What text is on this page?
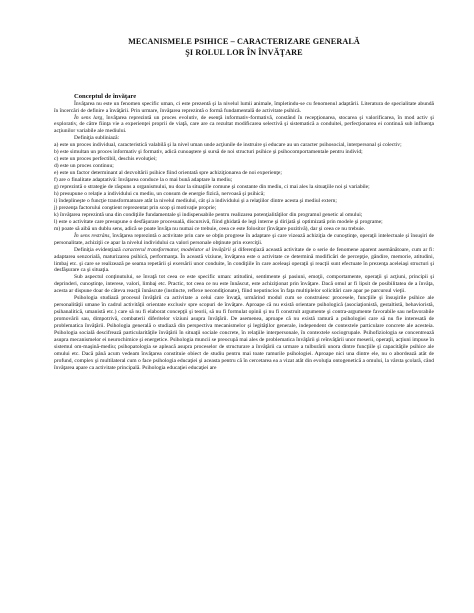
MECANISMELE PSIHICE – CARACTERIZARE GENERALĂ
ŞI ROLUL LOR ÎN ÎNVĂŢARE
Conceptul de învăţare

Învăţarea nu este un fenomen specific uman, ci este prezentă şi la nivelul lumii animale, împletindu-se cu fenomenul adaptării. Literatura de specialitate abundă în încercări de definire a învăţării. Prin urmare, învăţarea reprezintă o formă fundamentală de activitate psihică.

În sens larg, învăţarea reprezintă un proces evolutiv, de esenţă informativ-formativă, constând în recepţionarea, stocarea şi valorificarea, în mod activ şi explorativ, de către fiinţa vie a experienţei proprii de viaţă, care are ca rezultat modificarea selectivă şi sistematică a conduitei, perfecţionarea ei continuă sub influenţa acţiunilor variabile ale mediului.

Definiţia subliniază:

a) este un proces individual, caracteristică valabilă şi la nivel uman unde acţiunile de instruire şi educare au un caracter psihosocial, interpersonal şi colectiv;

b) este simultan un proces informativ şi formativ, adică cunoaştere şi sursă de noi structuri psihice şi psihocomportamentale pentru individ;

c) este un proces perfectibil, deschis evoluţiei;

d) este un proces continuu;

e) este un factor determinant al dezvoltării psihice fiind orientată spre achiziţionarea de noi experienţe;

f) are o finalitate adaptativă: învăţarea conduce la o mai bună adaptare la mediu;

g) reprezintă o strategie de răspuns a organismului, nu doar la situaţiile comune şi constante din mediu, ci mai ales la situaţiile noi şi variabile;

h) presupune o relaţie a individului cu mediu, un consum de energie fizică, nervoasă şi psihică;

i) îndeplineşte o funcţie transformatoare atât la nivelul mediului, cât şi a individului şi a relaţiilor dintre acesta şi mediul extern;

j) prezenţa factorului conştient reprezentat prin scop şi motivaţie proprie;

k) învăţarea reprezintă una din condiţiile fundamentale şi indispensabile pentru realizarea potenţialităţilor din programul genetic al omului;

l) este o activitate care presupune o desfăşurare procesuală, discursivă, fiind ghidată de legi interne şi dirijată şi optimizată prin modele şi programe;

m) poate să aibă un dublu sens, adică se poate învăţa nu numai ce trebuie, ceea ce este folositor (învăţare pozitivă), dar şi ceea ce nu trebuie.

În sens restrâns, învăţarea reprezintă o activitate prin care se obţin progrese în adaptare şi care vizează achiziţia de cunoştinţe, operaţii intelectuale şi însuşiri de personalitate, achiziţii ce apar la nivelul individului ca valori personale obţinute prin exerciţii.

Definiţia evidenţiază caracterul transformator, modelator al învăţării şi diferenţiază această activitate de o serie de fenomene aparent asemănătoare, cum ar fi: adaptarea senzorială, maturizarea psihică, performanţa. În această viziune, învăţarea este o activitate ce determină modificări de percepţie, gândire, memorie, atitudini, limbaj etc. şi care se realizează pe seama repetării şi exersării unor conduite, în condiţiile în care aceleaşi operaţii şi reacţii sunt efectuate în prezenţa aceleiaşi structuri şi desfăşurare ca şi situaţia.

Sub aspectul conţinutului, se învaţă tot ceea ce este specific uman: atitudini, sentimente şi pasiuni, emoţii, comportamente, operaţii şi acţiuni, principii şi deprinderi, cunoştinţe, interese, valori, limbaj etc. Practic, tot ceea ce nu este înnăscut, este achiziţionat prin învăţare. Dacă omul ar fi lipsit de posibilitatea de a învăţa, acesta ar dispune doar de câteva reacţii înnăscute (instincte, reflexe necondiţionate), fiind neputincios în faţa multiplelor solicitări care apar pe parcursul vieţii.

Psihologia studiază procesul învăţării ca activitate a celui care învaţă, urmărind modul cum se construiesc procesele, funcţiile şi însuşirile psihice ale personalităţii umane în cadrul activităţii orientate exclusiv spre scopuri de învăţare. Aproape că nu există orientare psihologică (asociaţionistă, gestaltistă, behavioristă, psihanalitică, umanistă etc.) care să nu fi elaborat concepţii şi teorii, să nu fi formulat opinii şi nu fi construit argumente şi contra-argumente favorabile sau nefavorabile promovării sau, dimpotrivă, combaterii diferitelor viziuni asupra învăţării. De asemenea, aproape că nu există ramură a psihologiei care să nu fie interesată de problematica învăţării. Psihologia generală o studiază din perspectiva mecanismelor şi legităţilor generale, independent de contextele particulare concrete ale acesteia. Psihologia socială descifrează particularităţile învăţării în situaţii sociale concrete, în relaţiile interpersonale, în contextele sociogrupale. Psihofiziologia se concentrează asupra mecanismelor ei neurochimice şi energetice. Psihologia muncii se preocupă mai ales de problematica învăţării şi reînvăţării unor meserii, operaţii, acţiuni impuse în sistemul om-maşină-mediu; psihopatologia se apleacă asupra proceselor de structurare a învăţării ca urmare a tulburării unora dintre funcţiile şi capacităţile psihice ale omului etc. Dacă până acum vedeam învăţarea constituie obiect de studiu pentru mai toate ramurile psihologiei. Aproape nici una dintre ele, nu o abordează atât de profund, complex şi multilateral cum o face psihologia educaţiei şi aceasta pentru că în cercetarea ea a vizat atât din evoluţia ontogenetică a omului, la vârsta şcolară, când învăţarea apare ca activitate principală. Psihologia educaţiei educaţiei are
